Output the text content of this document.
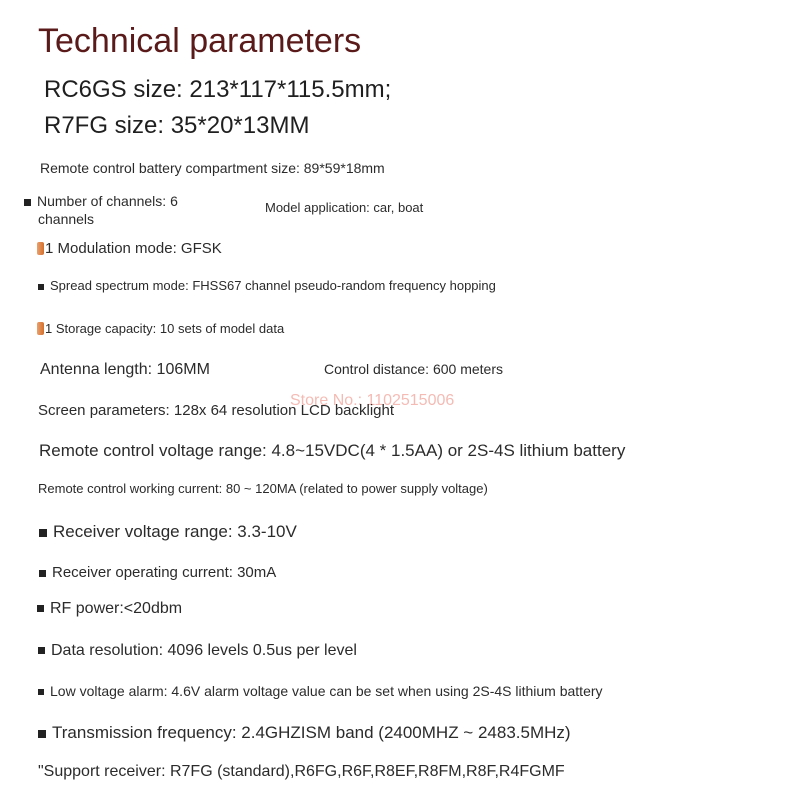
Technical parameters
RC6GS size: 213*117*115.5mm;
R7FG size: 35*20*13MM
Remote control battery compartment size: 89*59*18mm
Number of channels: 6
channels
Model application: car, boat
1 Modulation mode: GFSK
Spread spectrum mode: FHSS67 channel pseudo-random frequency hopping
1 Storage capacity: 10 sets of model data
Antenna length: 106MM	Control distance: 600 meters
Store No.: 1102515006
Screen parameters: 128x 64 resolution LCD backlight
Remote control voltage range: 4.8~15VDC(4 * 1.5AA) or 2S-4S lithium battery
Remote control working current: 80 ~ 120MA (related to power supply voltage)
Receiver voltage range: 3.3-10V
Receiver operating current: 30mA
RF power:<20dbm
Data resolution: 4096 levels 0.5us per level
Low voltage alarm: 4.6V alarm voltage value can be set when using 2S-4S lithium battery
Transmission frequency: 2.4GHZISM band (2400MHZ ~ 2483.5MHz)
"Support receiver: R7FG (standard),R6FG,R6F,R8EF,R8FM,R8F,R4FGMF
